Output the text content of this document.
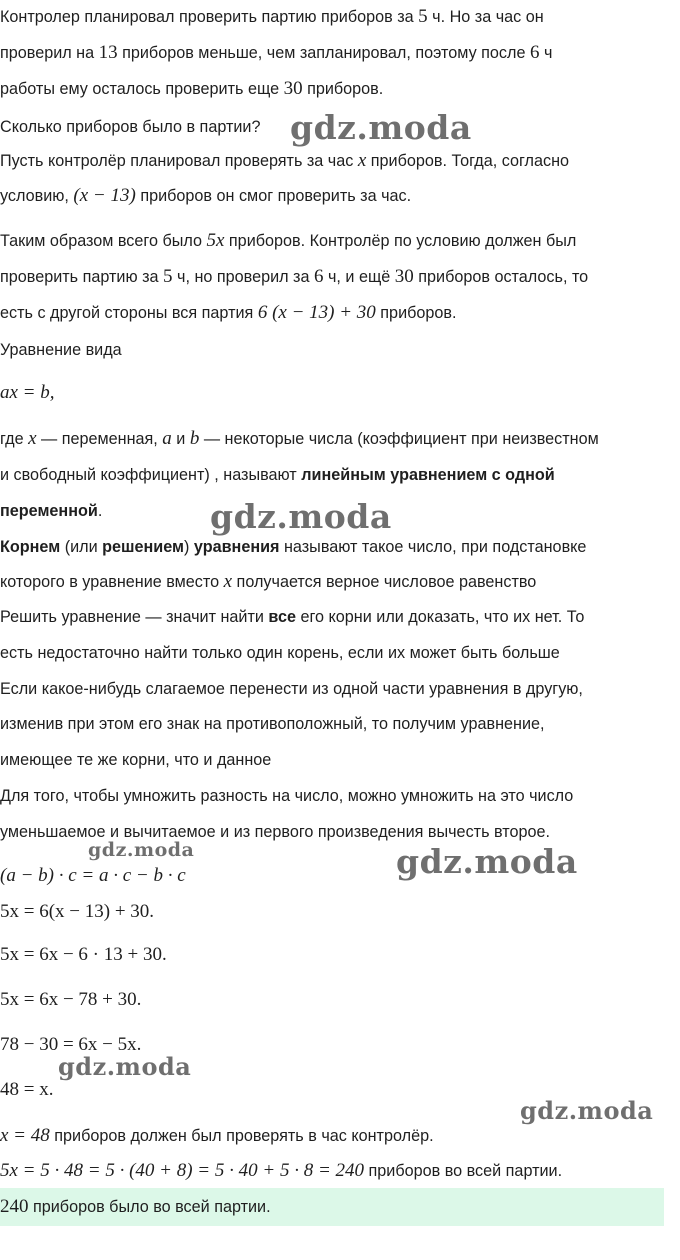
Контролер планировал проверить партию приборов за 5 ч. Но за час он
проверил на 13 приборов меньше, чем запланировал, поэтому после 6 ч
работы ему осталось проверить еще 30 приборов.
Сколько приборов было в партии?
Пусть контролёр планировал проверять за час x приборов. Тогда, согласно
условию, (x − 13) приборов он смог проверить за час.
Таким образом всего было 5x приборов. Контролёр по условию должен был
проверить партию за 5 ч, но проверил за 6 ч, и ещё 30 приборов осталось, то
есть с другой стороны вся партия 6 (x − 13) + 30 приборов.
Уравнение вида
ax = b,
где x — переменная, a и b — некоторые числа (коэффициент при неизвестном
и свободный коэффициент) , называют линейным уравнением с одной
переменной.
Корнем (или решением) уравнения называют такое число, при подстановке
которого в уравнение вместо x получается верное числовое равенство
Решить уравнение — значит найти все его корни или доказать, что их нет. То
есть недостаточно найти только один корень, если их может быть больше
Если какое-нибудь слагаемое перенести из одной части уравнения в другую,
изменив при этом его знак на противоположный, то получим уравнение,
имеющее те же корни, что и данное
Для того, чтобы умножить разность на число, можно умножить на это число
уменьшаемое и вычитаемое и из первого произведения вычесть второе.
(a − b) · c = a · c − b · c
5x = 6(x − 13) + 30.
5x = 6x − 6 · 13 + 30.
5x = 6x − 78 + 30.
78 − 30 = 6x − 5x.
48 = x.
x = 48 приборов должен был проверять в час контролёр.
5x = 5 · 48 = 5 · (40 + 8) = 5 · 40 + 5 · 8 = 240 приборов во всей партии.
240 приборов было во всей партии.
gdz.moda
gdz.moda
gdz.moda	gdz.moda
gdz.moda
gdz.moda
